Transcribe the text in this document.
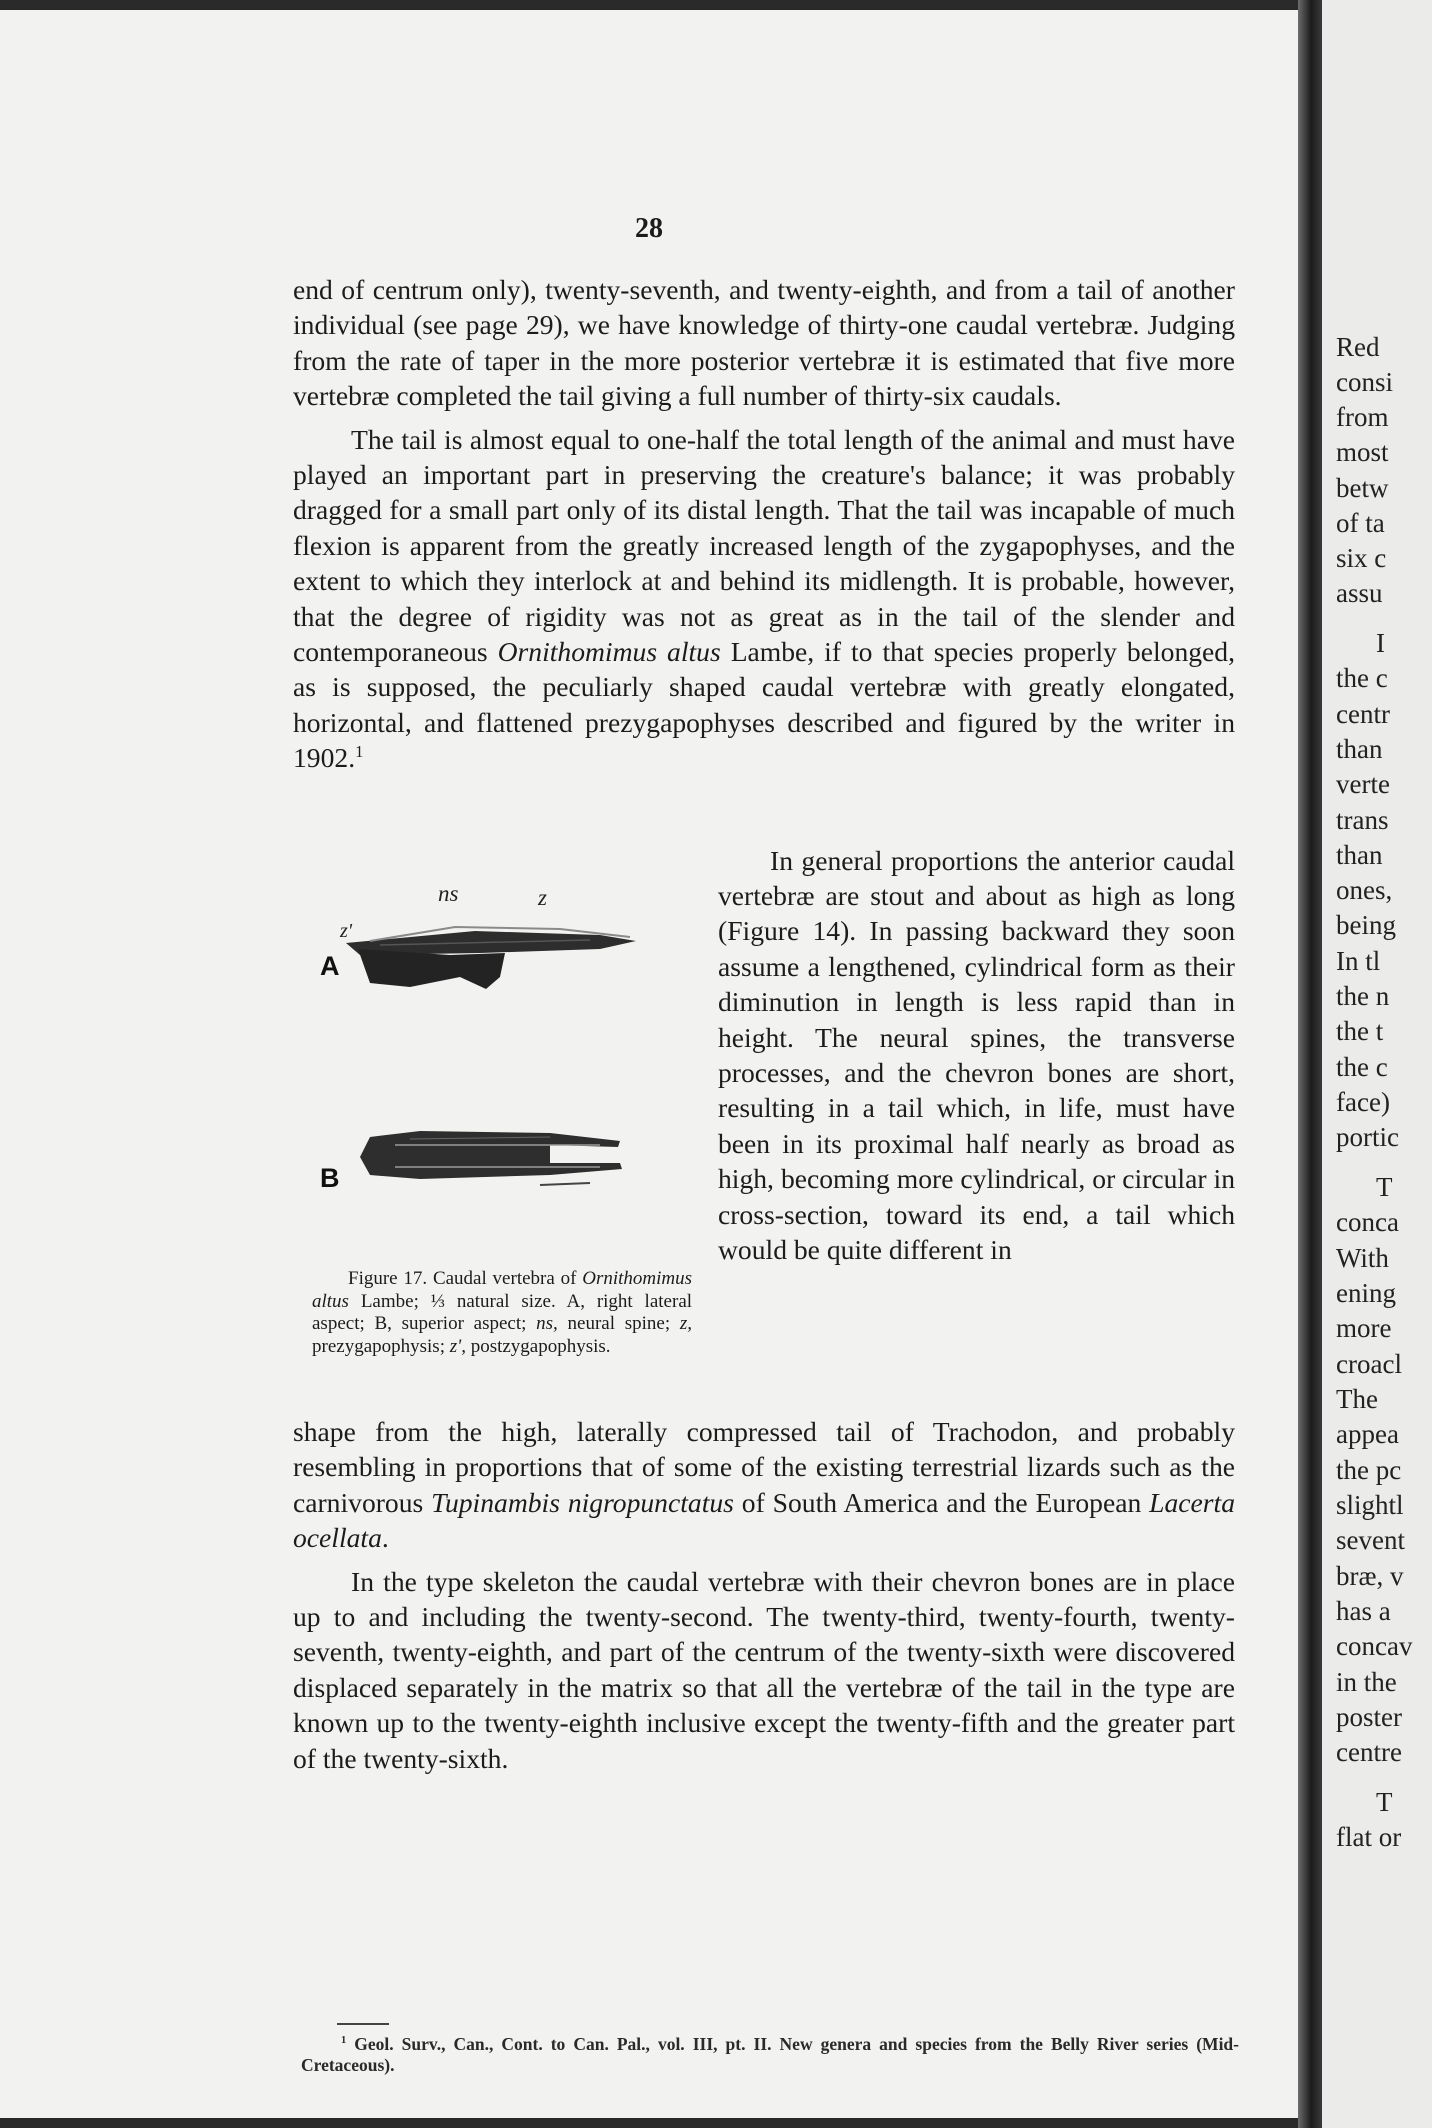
28

end of centrum only), twenty-seventh, and twenty-eighth, and from a tail of another individual (see page 29), we have knowledge of thirty-one caudal vertebræ. Judging from the rate of taper in the more posterior vertebræ it is estimated that five more vertebræ completed the tail giving a full number of thirty-six caudals.

The tail is almost equal to one-half the total length of the animal and must have played an important part in preserving the creature's balance; it was probably dragged for a small part only of its distal length. That the tail was incapable of much flexion is apparent from the greatly increased length of the zygapophyses, and the extent to which they interlock at and behind its midlength. It is probable, however, that the degree of rigidity was not as great as in the tail of the slender and contemporaneous Ornithomimus altus Lambe, if to that species properly belonged, as is supposed, the peculiarly shaped caudal vertebræ with greatly elongated, horizontal, and flattened prezygapophyses described and figured by the writer in 1902.$^1$

In general proportions the anterior caudal vertebræ are stout and about as high as long (Figure 14). In passing backward they soon assume a lengthened, cylindrical form as their diminution in length is less rapid than in height. The neural spines, the transverse processes, and the chevron bones are short, resulting in a tail which, in life, must have been in its proximal half nearly as broad as high, becoming more cylindrical, or circular in cross-section, toward its end, a tail which would be quite different in

ns	z
z'
A
B
Figure 17. Caudal vertebra of Ornithomimus altus Lambe; ⅓ natural size. A, right lateral aspect; B, superior aspect; ns, neural spine; z, prezygapophysis; z', postzygapophysis.

shape from the high, laterally compressed tail of Trachodon, and probably resembling in proportions that of some of the existing terrestrial lizards such as the carnivorous Tupinambis nigropunctatus of South America and the European Lacerta ocellata.

In the type skeleton the caudal vertebræ with their chevron bones are in place up to and including the twenty-second. The twenty-third, twenty-fourth, twenty-seventh, twenty-eighth, and part of the centrum of the twenty-sixth were discovered displaced separately in the matrix so that all the vertebræ of the tail in the type are known up to the twenty-eighth inclusive except the twenty-fifth and the greater part of the twenty-sixth.

$^1$ Geol. Surv., Can., Cont. to Can. Pal., vol. III, pt. II. New genera and species from the Belly River series (Mid-Cretaceous).
Red
consi
from
most
betw
of ta
six c
assu
I
the c
centr
than
verte
trans
than
ones,
being
In tl
the n
the t
the c
face)
portic
T
conca
With
ening
more
croacl
The
appea
the pc
slightl
sevent
bræ, v
has a
concav
in the
poster
centre
T
flat or
